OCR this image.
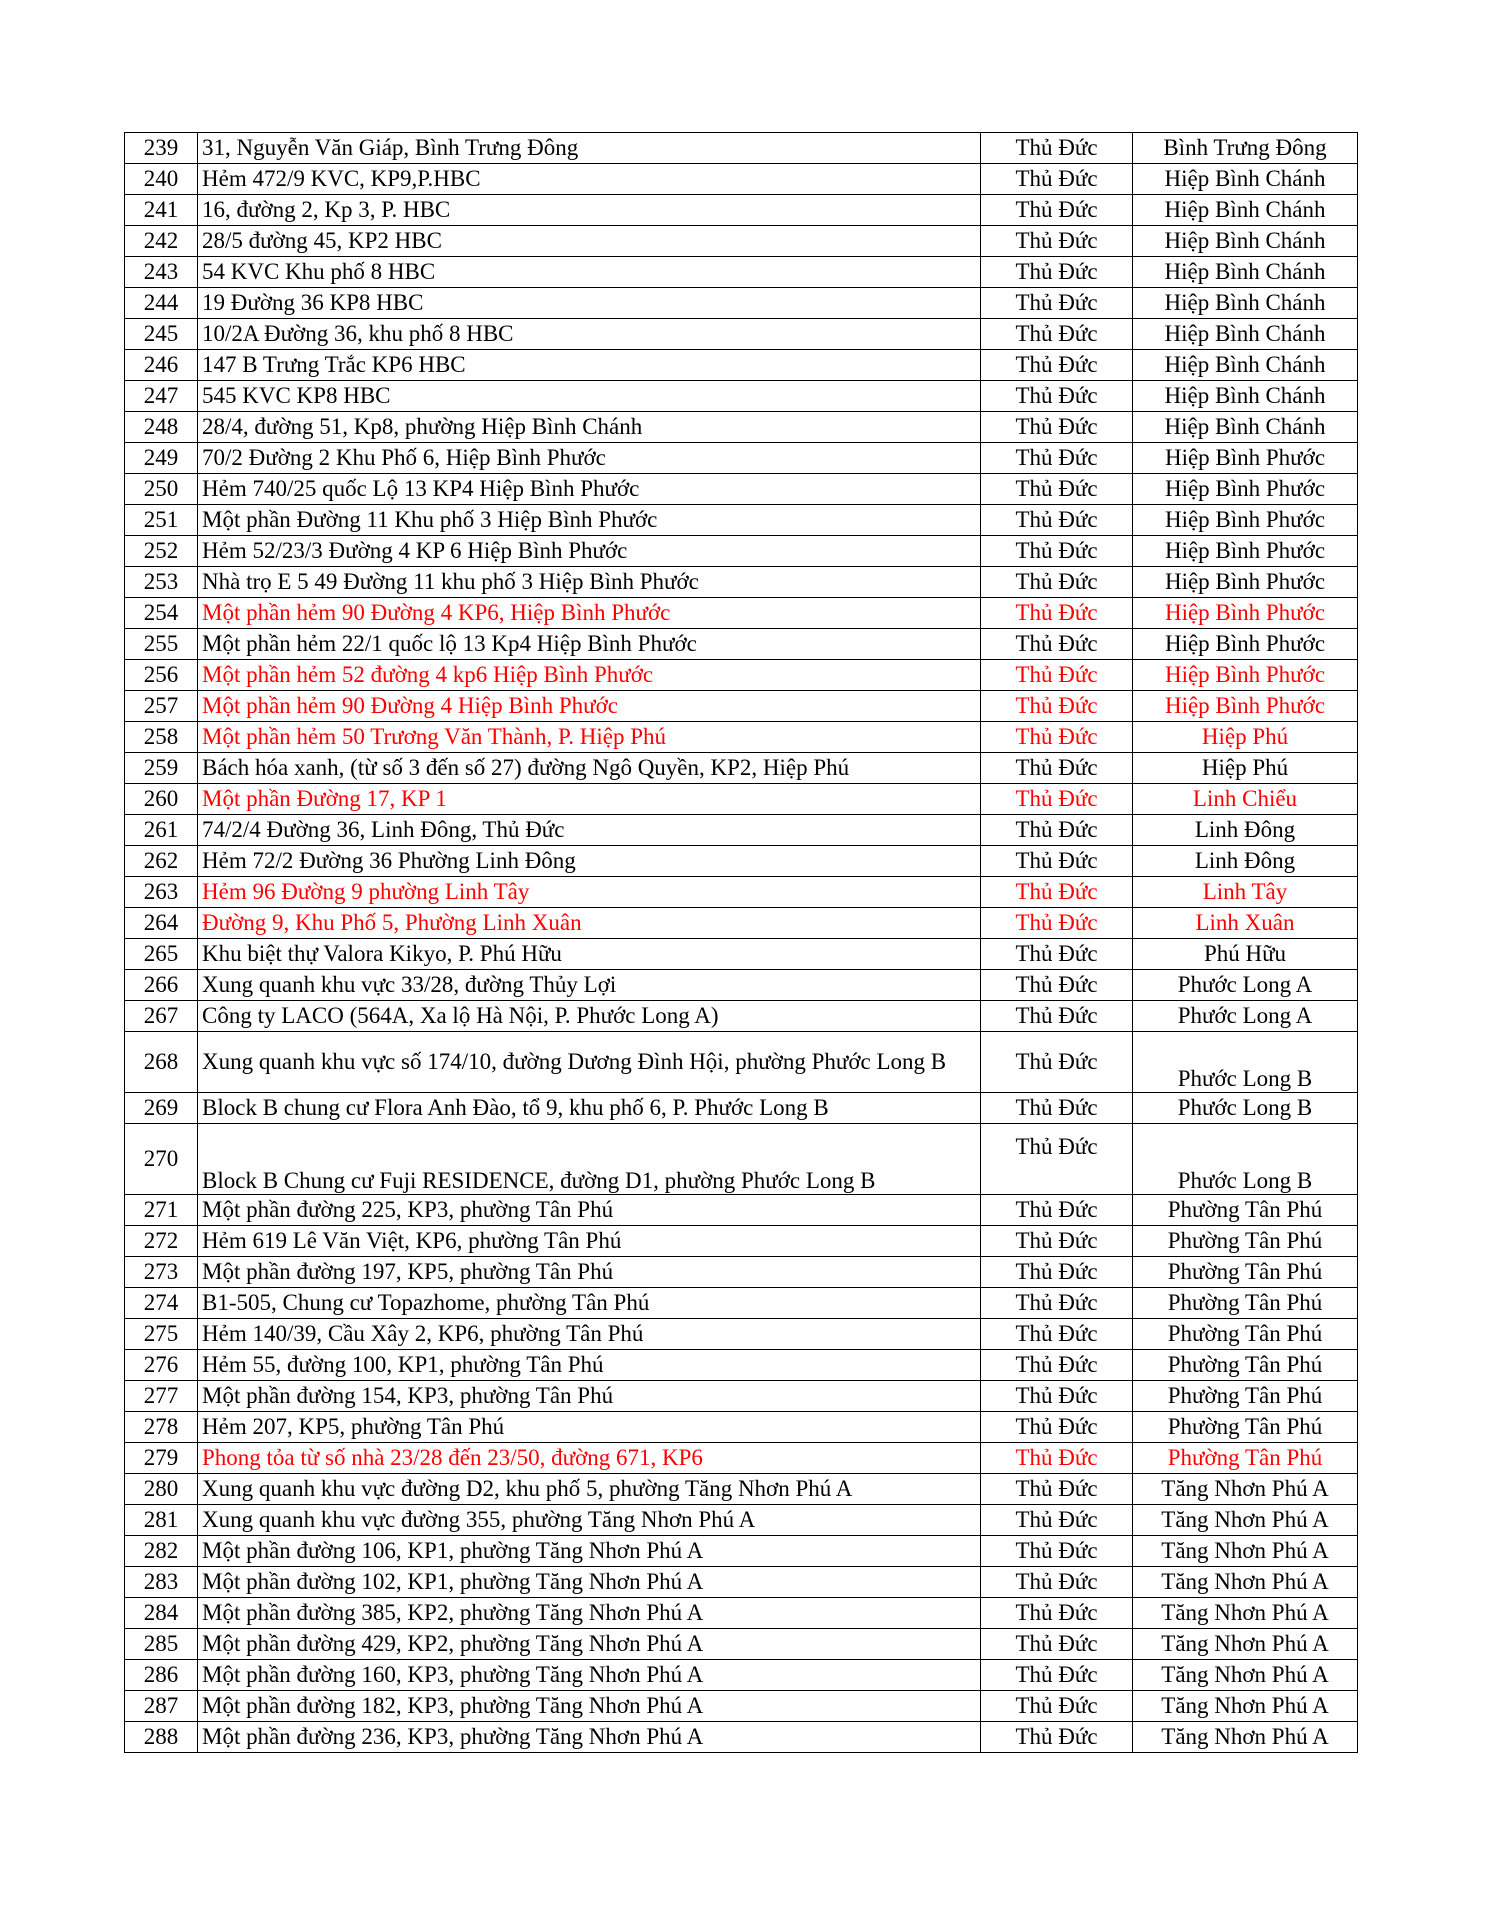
239	31, Nguyễn Văn Giáp, Bình Trưng Đông	Thủ Đức	Bình Trưng Đông
240	Hẻm 472/9 KVC, KP9,P.HBC	Thủ Đức	Hiệp Bình Chánh
241	16, đường 2, Kp 3, P. HBC	Thủ Đức	Hiệp Bình Chánh
242	28/5 đường 45, KP2 HBC	Thủ Đức	Hiệp Bình Chánh
243	54 KVC Khu phố 8 HBC	Thủ Đức	Hiệp Bình Chánh
244	19 Đường 36 KP8 HBC	Thủ Đức	Hiệp Bình Chánh
245	10/2A Đường 36, khu phố 8 HBC	Thủ Đức	Hiệp Bình Chánh
246	147 B Trưng Trắc KP6 HBC	Thủ Đức	Hiệp Bình Chánh
247	545 KVC KP8 HBC	Thủ Đức	Hiệp Bình Chánh
248	28/4, đường 51, Kp8, phường Hiệp Bình Chánh	Thủ Đức	Hiệp Bình Chánh
249	70/2 Đường 2 Khu Phố 6, Hiệp Bình Phước	Thủ Đức	Hiệp Bình Phước
250	Hẻm 740/25 quốc Lộ 13 KP4 Hiệp Bình Phước	Thủ Đức	Hiệp Bình Phước
251	Một phần Đường 11 Khu phố 3 Hiệp Bình Phước	Thủ Đức	Hiệp Bình Phước
252	Hẻm 52/23/3 Đường 4 KP 6 Hiệp Bình Phước	Thủ Đức	Hiệp Bình Phước
253	Nhà trọ E 5 49 Đường 11 khu phố 3 Hiệp Bình Phước	Thủ Đức	Hiệp Bình Phước
254	Một phần hẻm 90 Đường 4 KP6, Hiệp Bình Phước	Thủ Đức	Hiệp Bình Phước
255	Một phần hẻm 22/1 quốc lộ 13 Kp4 Hiệp Bình Phước	Thủ Đức	Hiệp Bình Phước
256	Một phần hẻm 52 đường 4 kp6 Hiệp Bình Phước	Thủ Đức	Hiệp Bình Phước
257	Một phần hẻm 90 Đường 4 Hiệp Bình Phước	Thủ Đức	Hiệp Bình Phước
258	Một phần hẻm 50 Trương Văn Thành, P. Hiệp Phú	Thủ Đức	Hiệp Phú
259	Bách hóa xanh, (từ số 3 đến số 27) đường Ngô Quyền, KP2, Hiệp Phú	Thủ Đức	Hiệp Phú
260	Một phần Đường 17, KP 1	Thủ Đức	Linh Chiểu
261	74/2/4 Đường 36, Linh Đông, Thủ Đức	Thủ Đức	Linh Đông
262	Hẻm 72/2 Đường 36 Phường Linh Đông	Thủ Đức	Linh Đông
263	Hẻm 96 Đường 9 phường Linh Tây	Thủ Đức	Linh Tây
264	Đường 9, Khu Phố 5, Phường Linh Xuân	Thủ Đức	Linh Xuân
265	Khu biệt thự Valora Kikyo, P. Phú Hữu	Thủ Đức	Phú Hữu
266	Xung quanh khu vực 33/28, đường Thủy Lợi	Thủ Đức	Phước Long A
267	Công ty LACO (564A, Xa lộ Hà Nội, P. Phước Long A)	Thủ Đức	Phước Long A
268	Xung quanh khu vực số 174/10, đường Dương Đình Hội, phường Phước Long B	Thủ Đức	Phước Long B
269	Block B chung cư Flora Anh Đào, tổ 9, khu phố 6, P. Phước Long B	Thủ Đức	Phước Long B
270	Block B Chung cư Fuji RESIDENCE, đường D1, phường Phước Long B	Thủ Đức	Phước Long B
271	Một phần đường 225, KP3, phường Tân Phú	Thủ Đức	Phường Tân Phú
272	Hẻm 619 Lê Văn Việt, KP6, phường Tân Phú	Thủ Đức	Phường Tân Phú
273	Một phần đường 197, KP5, phường Tân Phú	Thủ Đức	Phường Tân Phú
274	B1-505, Chung cư Topazhome, phường Tân Phú	Thủ Đức	Phường Tân Phú
275	Hẻm 140/39, Cầu Xây 2, KP6, phường Tân Phú	Thủ Đức	Phường Tân Phú
276	Hẻm 55, đường 100, KP1, phường Tân Phú	Thủ Đức	Phường Tân Phú
277	Một phần đường 154, KP3, phường Tân Phú	Thủ Đức	Phường Tân Phú
278	Hẻm 207, KP5, phường Tân Phú	Thủ Đức	Phường Tân Phú
279	Phong tỏa từ số nhà 23/28 đến 23/50, đường 671, KP6	Thủ Đức	Phường Tân Phú
280	Xung quanh khu vực đường D2, khu phố 5, phường Tăng Nhơn Phú A	Thủ Đức	Tăng Nhơn Phú A
281	Xung quanh khu vực đường 355, phường Tăng Nhơn Phú A	Thủ Đức	Tăng Nhơn Phú A
282	Một phần đường 106, KP1, phường Tăng Nhơn Phú A	Thủ Đức	Tăng Nhơn Phú A
283	Một phần đường 102, KP1, phường Tăng Nhơn Phú A	Thủ Đức	Tăng Nhơn Phú A
284	Một phần đường 385, KP2, phường Tăng Nhơn Phú A	Thủ Đức	Tăng Nhơn Phú A
285	Một phần đường 429, KP2, phường Tăng Nhơn Phú A	Thủ Đức	Tăng Nhơn Phú A
286	Một phần đường 160, KP3, phường Tăng Nhơn Phú A	Thủ Đức	Tăng Nhơn Phú A
287	Một phần đường 182, KP3, phường Tăng Nhơn Phú A	Thủ Đức	Tăng Nhơn Phú A
288	Một phần đường 236, KP3, phường Tăng Nhơn Phú A	Thủ Đức	Tăng Nhơn Phú A
